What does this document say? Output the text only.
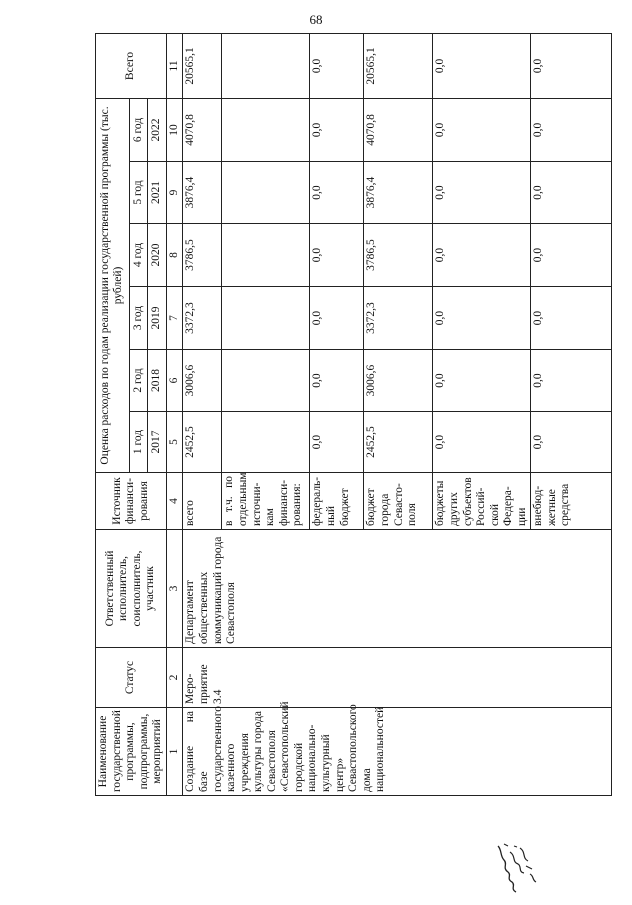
68
Наименование государственной программы, подпрограммы, мероприятий	Статус	Ответственный исполнитель, соисполнитель, участник	Источник финанси-рования	Оценка расходов по годам реализации государственной программы (тыс. рублей)						Всего
				1 год	2 год	3 год	4 год	5 год	6 год	
				2017	2018	2019	2020	2021	2022	
1	2	3	4	5	6	7	8	9	10	11
Создание на базе государственного казенного учреждения культуры города Севастополя «Севастопольский городской национально-культурный центр» Севастопольского дома национальностей	Меро-приятие 3.4	Департамент общественных коммуникаций города Севастополя	всего	2452,5	3006,6	3372,3	3786,5	3876,4	4070,8	20565,1
			в т.ч. по отдельным источни-кам финанси-рования:							
			федераль-ный бюджет	0,0	0,0	0,0	0,0	0,0	0,0	0,0
			бюджет города Севасто-поля	2452,5	3006,6	3372,3	3786,5	3876,4	4070,8	20565,1
			бюджеты других субъектов Россий-ской Федера-ции	0,0	0,0	0,0	0,0	0,0	0,0	0,0
			внебюд-жетные средства	0,0	0,0	0,0	0,0	0,0	0,0	0,0
